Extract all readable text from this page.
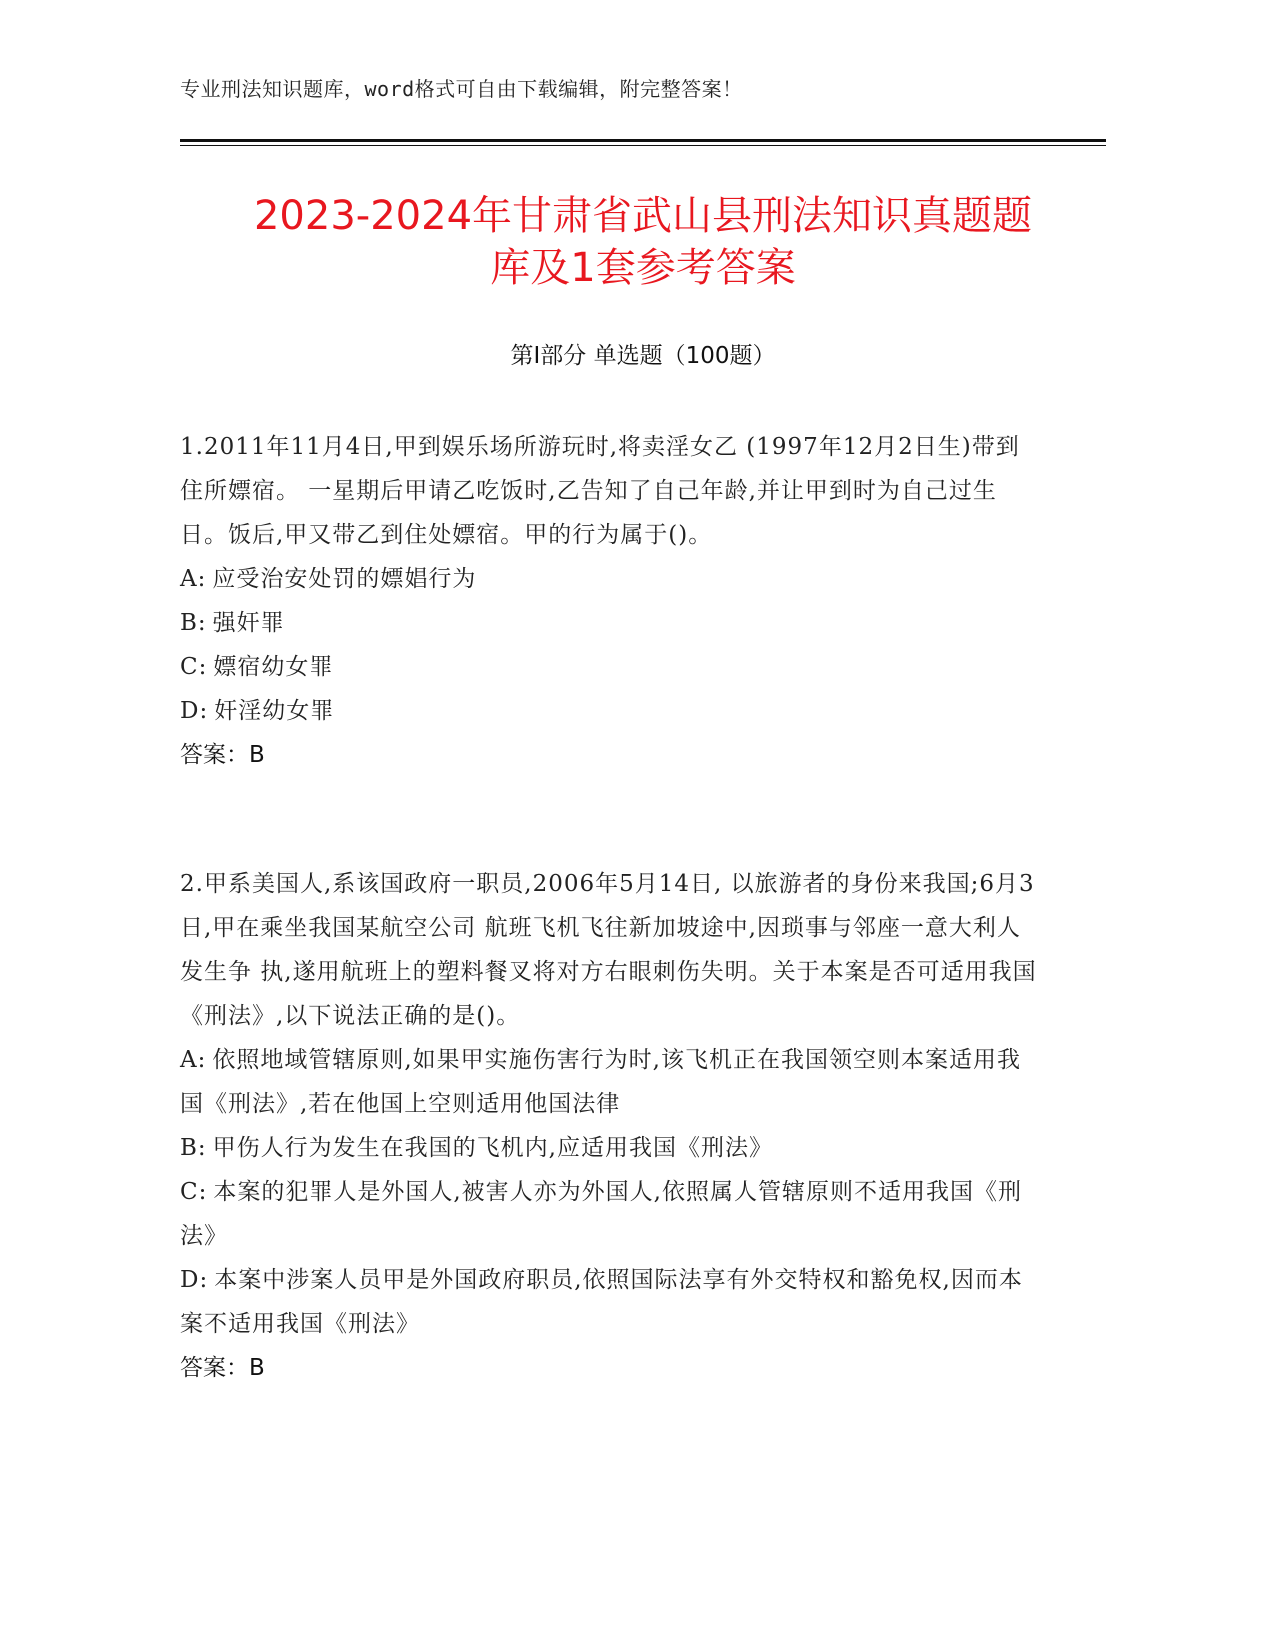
专业刑法知识题库，word格式可自由下载编辑，附完整答案！
2023-2024年甘肃省武山县刑法知识真题题
库及1套参考答案
第I部分 单选题（100题）
1.2011年11月4日,甲到娱乐场所游玩时,将卖淫女乙 (1997年12月2日生)带到住所嫖宿。 一星期后甲请乙吃饭时,乙告知了自己年龄,并让甲到时为自己过生日。饭后,甲又带乙到住处嫖宿。甲的行为属于()。
A: 应受治安处罚的嫖娼行为
B: 强奸罪
C: 嫖宿幼女罪
D: 奸淫幼女罪
答案：B
2.甲系美国人,系该国政府一职员,2006年5月14日, 以旅游者的身份来我国;6月3日,甲在乘坐我国某航空公司 航班飞机飞往新加坡途中,因琐事与邻座一意大利人发生争 执,遂用航班上的塑料餐叉将对方右眼刺伤失明。关于本案是否可适用我国《刑法》,以下说法正确的是()。
A: 依照地域管辖原则,如果甲实施伤害行为时,该飞机正在我国领空则本案适用我国《刑法》,若在他国上空则适用他国法律
B: 甲伤人行为发生在我国的飞机内,应适用我国《刑法》
C: 本案的犯罪人是外国人,被害人亦为外国人,依照属人管辖原则不适用我国《刑法》
D: 本案中涉案人员甲是外国政府职员,依照国际法享有外交特权和豁免权,因而本案不适用我国《刑法》
答案：B
